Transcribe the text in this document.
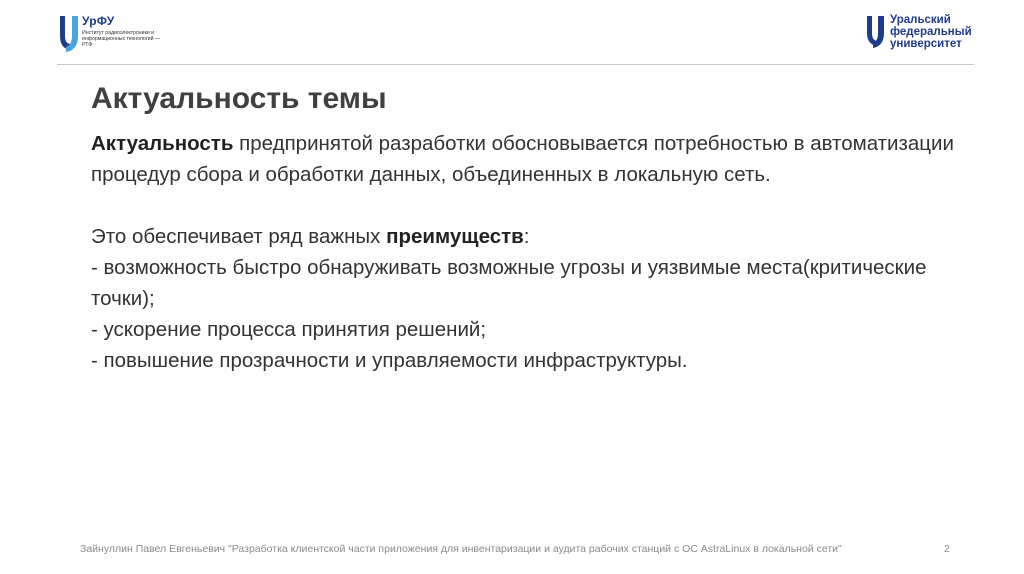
УрФУ
Институт радиоэлектроники и информационных технологий — РТФ
Уральский
федеральный
университет
Актуальность темы

Актуальность предпринятой разработки обосновывается потребностью в автоматизации процедур сбора и обработки данных, объединенных в локальную сеть.

Это обеспечивает ряд важных преимуществ:

- возможность быстро обнаруживать возможные угрозы и уязвимые места(критические точки);

- ускорение процесса принятия решений;

- повышение прозрачности и управляемости инфраструктуры.

Зайнуллин Павел Евгеньевич "Разработка клиентской части приложения для инвентаризации и аудита рабочих станций с ОС AstraLinux в локальной сети"	2
